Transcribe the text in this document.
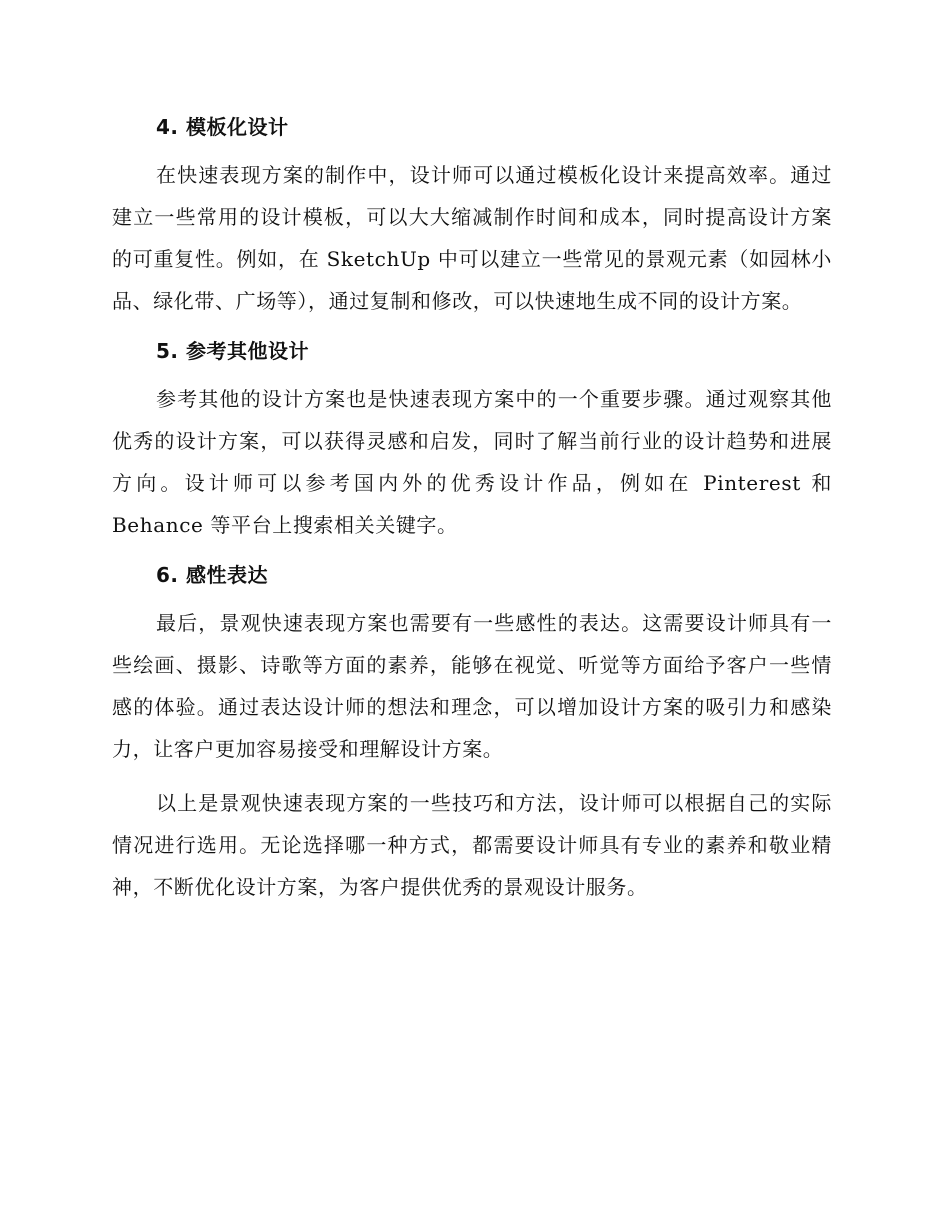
4. 模板化设计

在快速表现方案的制作中，设计师可以通过模板化设计来提高效率。通过建立一些常用的设计模板，可以大大缩减制作时间和成本，同时提高设计方案的可重复性。例如，在 SketchUp 中可以建立一些常见的景观元素（如园林小品、绿化带、广场等），通过复制和修改，可以快速地生成不同的设计方案。

5. 参考其他设计

参考其他的设计方案也是快速表现方案中的一个重要步骤。通过观察其他优秀的设计方案，可以获得灵感和启发，同时了解当前行业的设计趋势和进展方向。设计师可以参考国内外的优秀设计作品，例如在 Pinterest 和 Behance 等平台上搜索相关关键字。

6. 感性表达

最后，景观快速表现方案也需要有一些感性的表达。这需要设计师具有一些绘画、摄影、诗歌等方面的素养，能够在视觉、听觉等方面给予客户一些情感的体验。通过表达设计师的想法和理念，可以增加设计方案的吸引力和感染力，让客户更加容易接受和理解设计方案。

以上是景观快速表现方案的一些技巧和方法，设计师可以根据自己的实际情况进行选用。无论选择哪一种方式，都需要设计师具有专业的素养和敬业精神，不断优化设计方案，为客户提供优秀的景观设计服务。
